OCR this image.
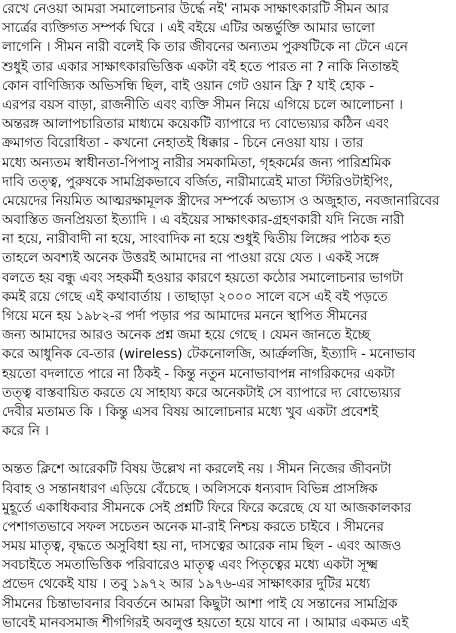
রেখে নেওয়া আমরা সমালোচনার উর্দ্ধে নই' নামক সাক্ষাৎকারটি সীমন আর
সার্ত্রের ব্যক্তিগত সম্পর্ক ঘিরে । এই বইয়ে এটির অন্তর্ভুক্তি আমার ভালো
লাগেনি । সীমন নারী বলেই কি তার জীবনের অন্যতম পুরুষটিকে না টেনে এনে
শুধুই তার একার সাক্ষাৎকারভিত্তিক একটা বই হতে পারত না ? নাকি নিতান্তই
কোন বাণিজ্যিক অভিসন্ধি ছিল, বাই ওয়ান গেট ওয়ান ফ্রি ? যাই হোক -
এরপর বয়স বাড়া, রাজনীতি এবং ব্যক্তি সীমন নিয়ে এগিয়ে চলে আলোচনা ।
অন্তরঙ্গ আলাপচারিতার মাধ্যমে কয়েকটি ব্যাপারে দ্য বোভ্যেয়্যর কঠিন এবং
ক্রমাগত বিরোধিতা - কখনো নেহাতই ধিক্কার - চিনে নেওয়া যায় । তার
মধ্যে অন্যতম স্বাধীনতা-পিপাসু নারীর সমকামিতা, গৃহকর্মের জন্য পারিশ্রমিক
দাবি তত্ত্ব, পুরুষকে সামগ্রিকভাবে বর্জিত, নারীমাত্রেই মাতা স্টিরিওটাইপিং,
মেয়েদের নিয়মিত আত্মরক্ষামূলক স্ত্রীদের সম্পর্কে অভ্যাস ও অজুহাত, নবজানারিবের
অবাস্তিত জনপ্রিয়তা ইত্যাদি । এ বইয়ের সাক্ষাৎকার-গ্রহণকারী যদি নিজে নারী
না হয়ে, নারীবাদী না হয়ে, সাংবাদিক না হয়ে শুধুই দ্বিতীয় লিঙ্গের পাঠক হত
তাহলে অবশ্যই অনেক উত্তরই আমাদের না পাওয়া রয়ে যেত । একই সঙ্গে
বলতে হয় বন্ধু এবং সহকর্মী হওয়ার কারণে হয়তো কঠোর সমালোচনার ভাগটা
কমই রয়ে গেছে এই কথাবার্তায় । তাছাড়া ২০০০ সালে বসে এই বই পড়তে
গিয়ে মনে হয় ১৯৮২-র পর্দা পড়ার পর আমাদের মননে স্থাপিত সীমনের
জন্য আমাদের আরও অনেক প্রশ্ন জমা হয়ে গেছে । যেমন জানতে ইচ্ছে
করে আধুনিক বে-তার (wireless) টেকনোলজি, আর্ত্রুলজি, ইত্যাদি - মনোভাব
হয়তো বদলাতে পারে না ঠিকই - কিন্তু নতুন মনোভাবাপন্ন নাগরিকদের একটা
তত্ত্ব বাস্তবায়িত করতে যে সাহায্য করে অনেকটাই সে ব্যাপারে দ্য বোভ্যেয়্যর
দেবীর মতামত কি । কিন্তু এসব বিষয় আলোচনার মধ্যে খুব একটা প্রবেশই
করে নি ।
অন্তত ক্লিশে আরেকটি বিষয় উল্লেখ না করলেই নয় । সীমন নিজের জীবনটা
বিবাহ ও সন্তানধারণ এড়িয়ে বেঁচেছে । অলিসকে ধন্যবাদ বিভিন্ন প্রাসঙ্গিক
মুহূর্তে একাধিকবার সীমনকে সেই প্রশ্নটি ফিরে ফিরে করেছে যে যা আজকালকার
পেশাগতভাবে সফল সচেতন অনেক মা-রাই নিশ্চয় করতে চাইবে । সীমনের
সময় মাতৃত্ব, বৃদ্ধতে অসুবিধা হয় না, দাসত্বের আরেক নাম ছিল - এবং আজও
সবচাইতে সমতাভিত্তিক পরিবারেও মাতৃত্ব এবং পিতৃত্বের মধ্যে একটা সূক্ষ্ম
প্রভেদ থেকেই যায় । তবু ১৯৭২ আর ১৯৭৬-এর সাক্ষাৎকার দুটির মধ্যে
সীমনের চিন্তাভাবনার বিবর্তনে আমরা কিছুটা আশা পাই যে সন্তানের সামগ্রিক
ভাবেই মানবসমাজ শীগগিরই অবলুপ্ত হয়তো হয়ে যাবে না । আমার একমত এই
